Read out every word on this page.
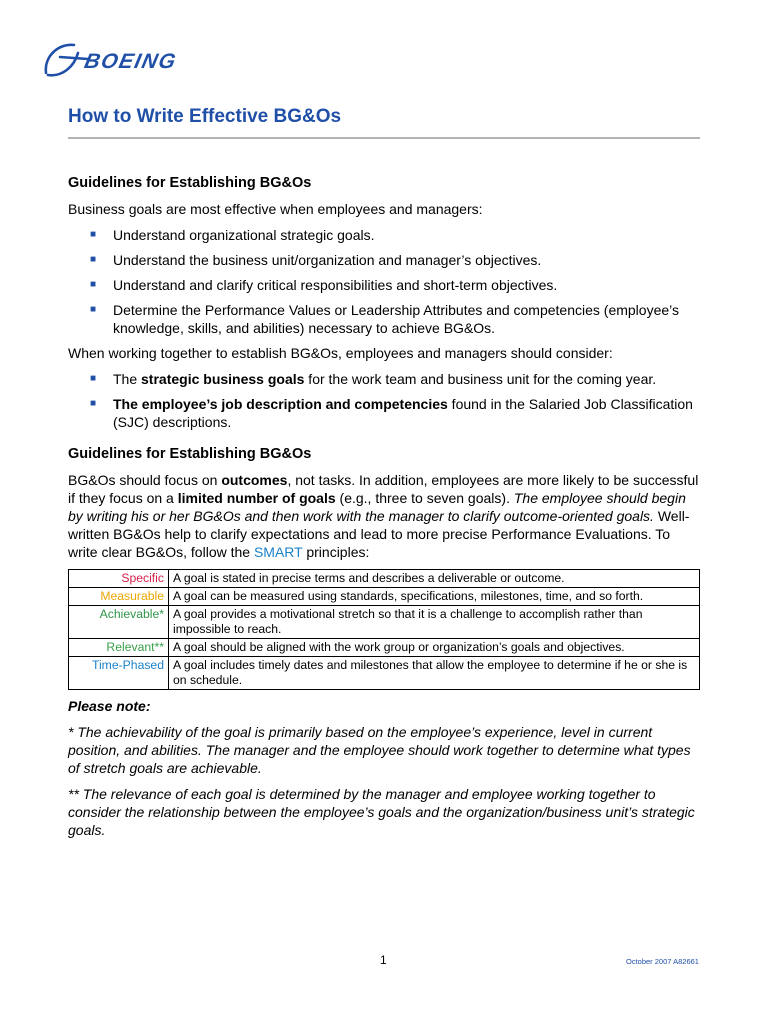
BOEING
How to Write Effective BG&Os
Guidelines for Establishing BG&Os

Business goals are most effective when employees and managers:

■ Understand organizational strategic goals.
■ Understand the business unit/organization and manager’s objectives.
■ Understand and clarify critical responsibilities and short-term objectives.
■ Determine the Performance Values or Leadership Attributes and competencies (employee’s knowledge, skills, and abilities) necessary to achieve BG&Os.

When working together to establish BG&Os, employees and managers should consider:

■ The strategic business goals for the work team and business unit for the coming year.
■ The employee’s job description and competencies found in the Salaried Job Classification (SJC) descriptions.
Guidelines for Establishing BG&Os

BG&Os should focus on outcomes, not tasks. In addition, employees are more likely to be successful if they focus on a limited number of goals (e.g., three to seven goals). The employee should begin by writing his or her BG&Os and then work with the manager to clarify outcome-oriented goals. Well-written BG&Os help to clarify expectations and lead to more precise Performance Evaluations. To write clear BG&Os, follow the SMART principles:

Specific	A goal is stated in precise terms and describes a deliverable or outcome.
Measurable	A goal can be measured using standards, specifications, milestones, time, and so forth.
Achievable*	A goal provides a motivational stretch so that it is a challenge to accomplish rather than impossible to reach.
Relevant**	A goal should be aligned with the work group or organization’s goals and objectives.
Time-Phased	A goal includes timely dates and milestones that allow the employee to determine if he or she is on schedule.

Please note:

* The achievability of the goal is primarily based on the employee’s experience, level in current position, and abilities. The manager and the employee should work together to determine what types of stretch goals are achievable.

** The relevance of each goal is determined by the manager and employee working together to consider the relationship between the employee’s goals and the organization/business unit’s strategic goals.

1	October 2007 A82661
